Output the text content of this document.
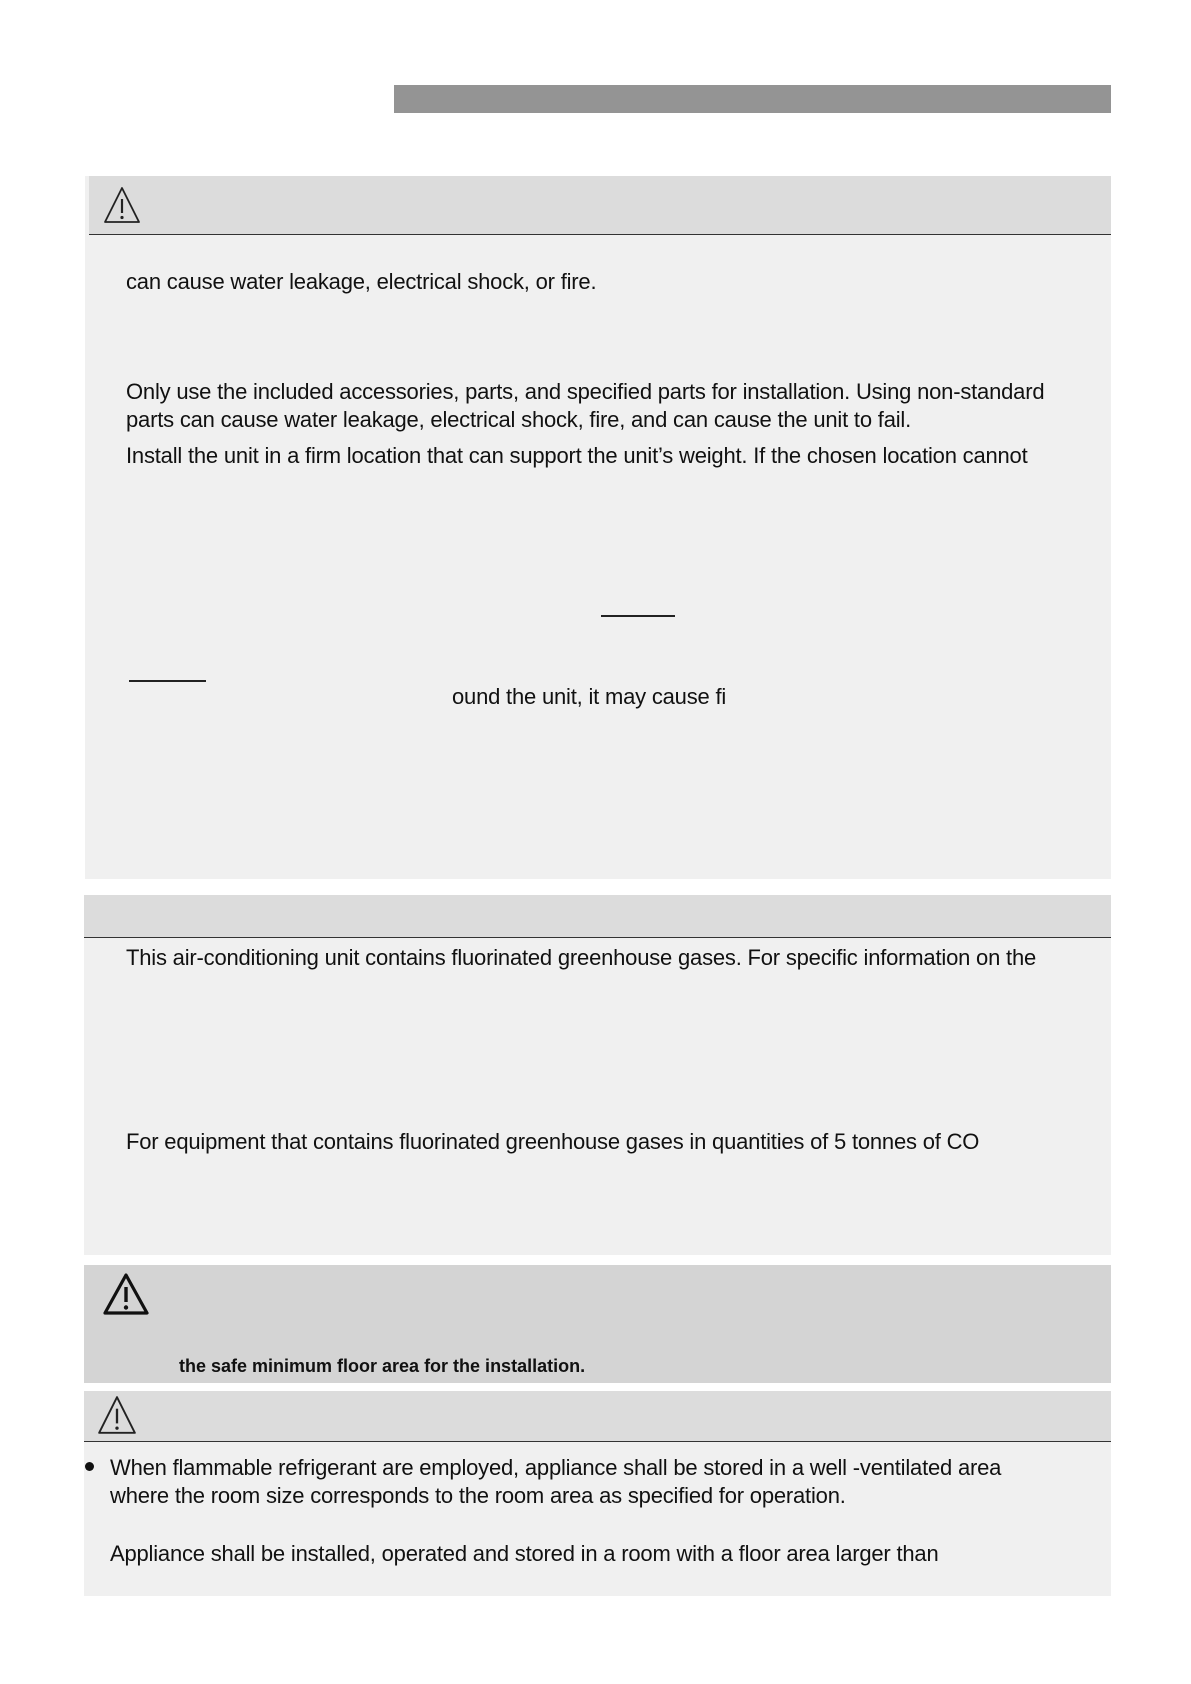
can cause water leakage, electrical shock, or fire.
Only use the included accessories, parts, and specified parts for installation. Using non-standard
parts can cause water leakage, electrical shock, fire, and can cause the unit to fail.
Install the unit in a firm location that can support the unit’s weight. If the chosen location cannot
ound the unit, it may cause fi
This air-conditioning unit contains fluorinated greenhouse gases. For specific information on the
For equipment that contains fluorinated greenhouse gases in quantities of 5 tonnes of CO
the safe minimum floor area for the installation.
When flammable refrigerant are employed, appliance shall be stored in a well -ventilated area
where the room size corresponds to the room area as specified for operation.
Appliance shall be installed, operated and stored in a room with a floor area larger than
